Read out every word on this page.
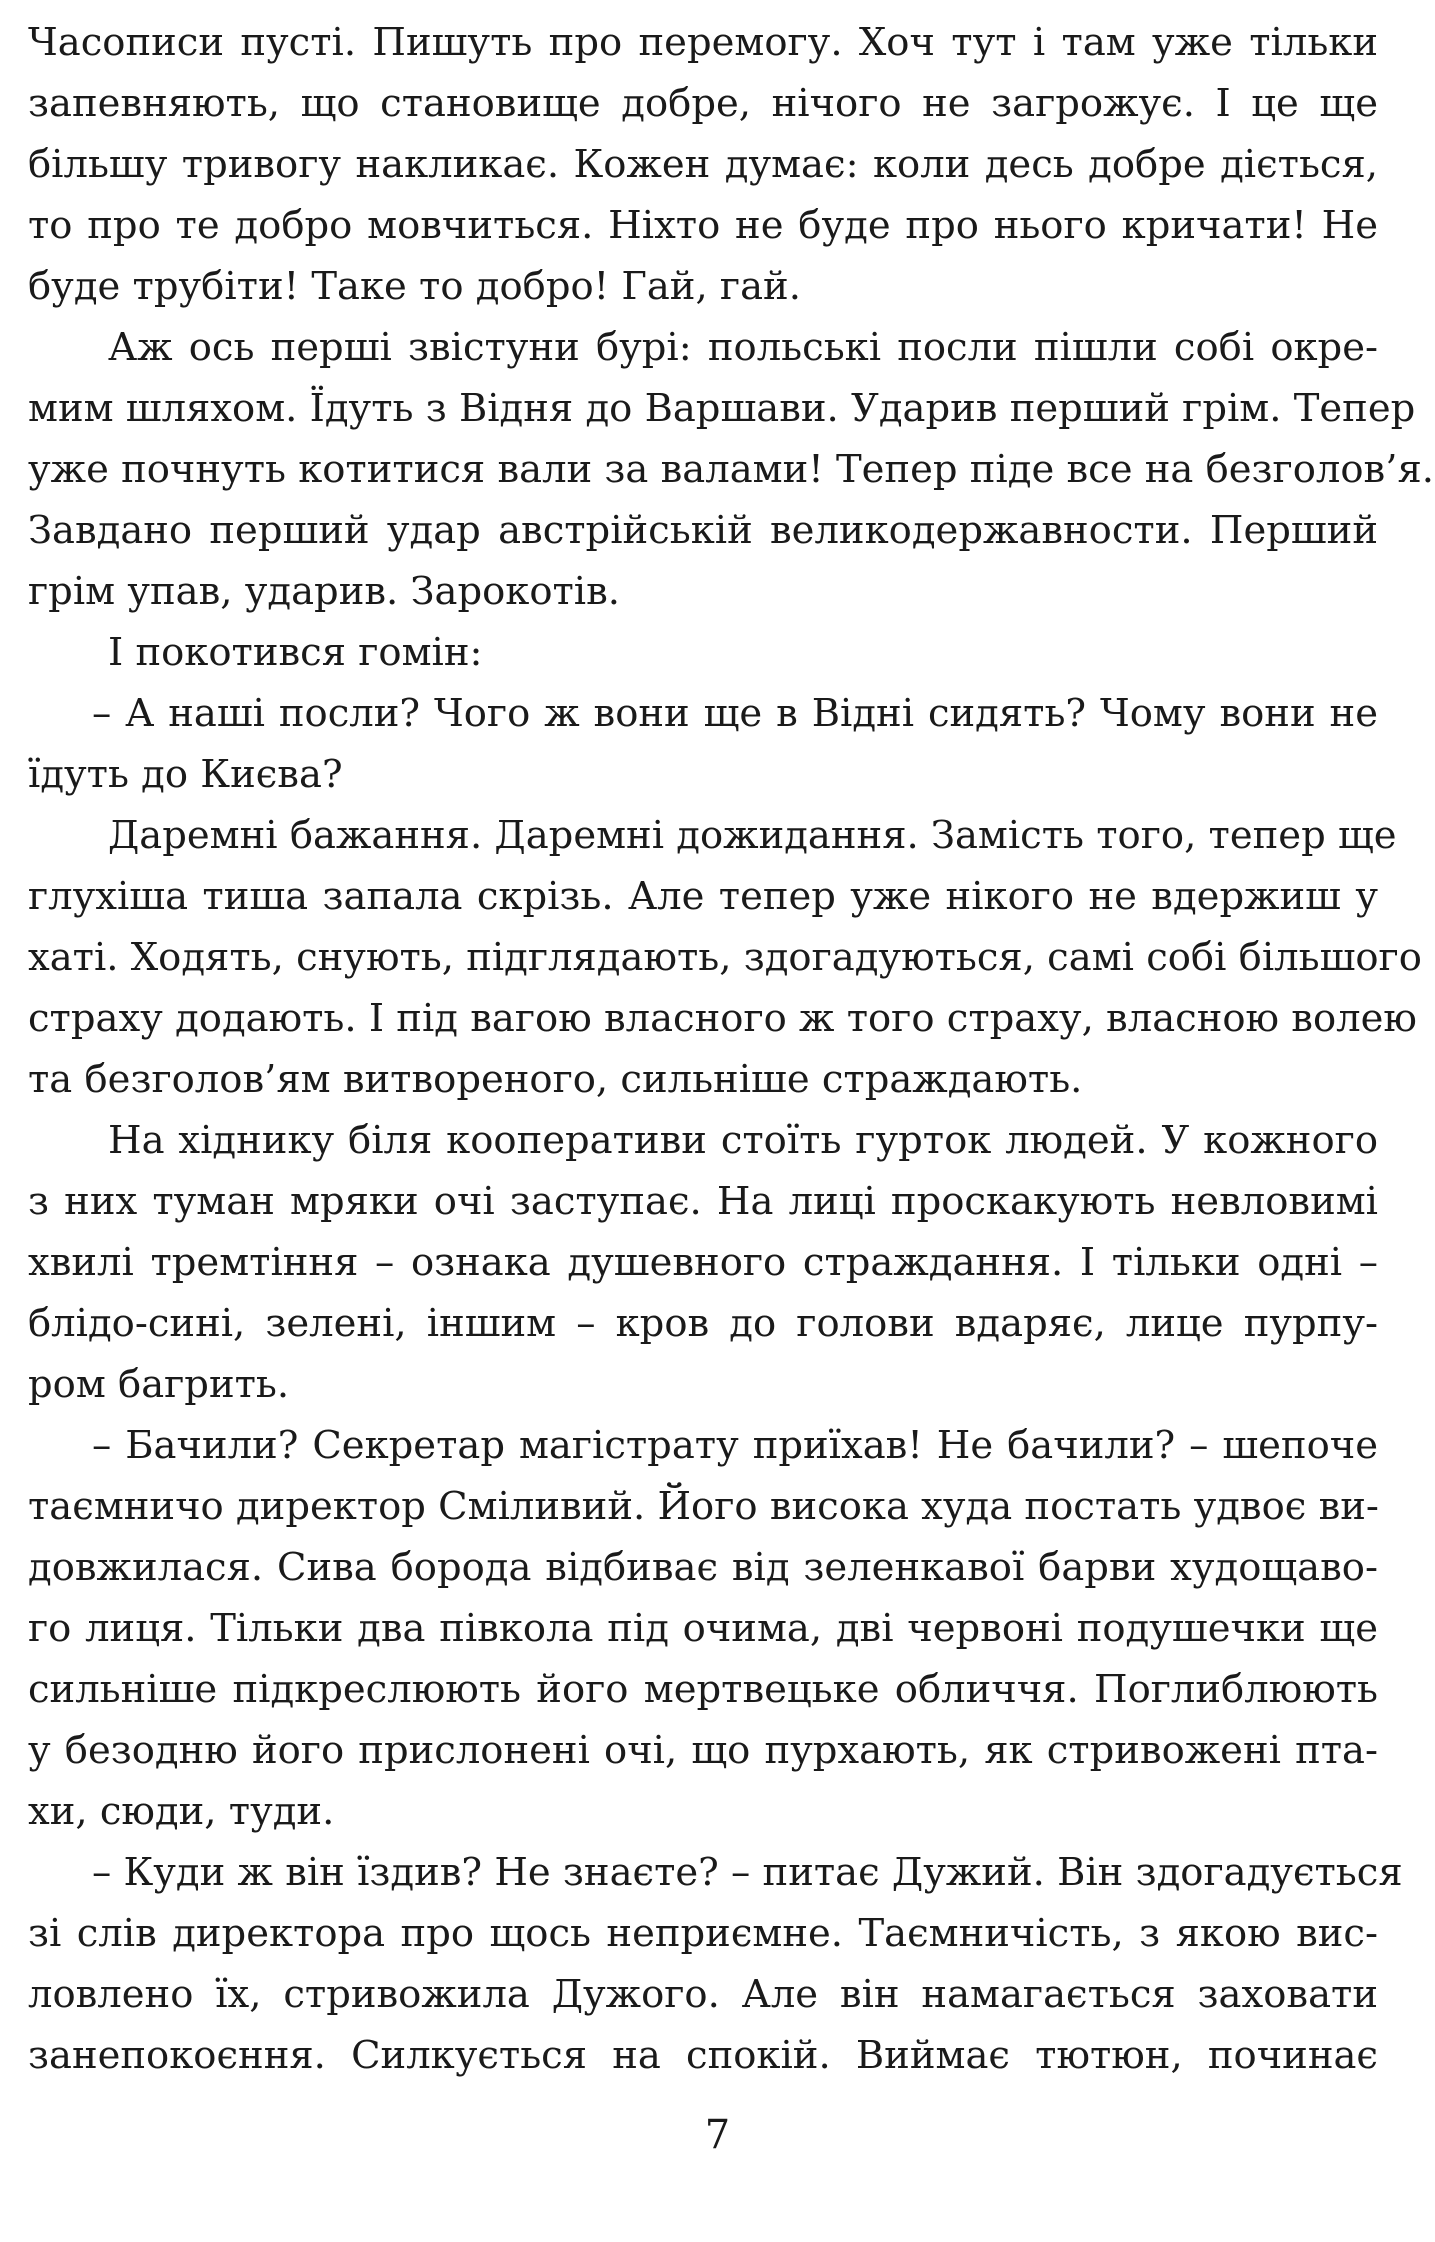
Часописи пусті. Пишуть про перемогу. Хоч тут і там уже тільки
запевняють, що становище добре, нічого не загрожує. І це ще
більшу тривогу накликає. Кожен думає: коли десь добре діється,
то про те добро мовчиться. Ніхто не буде про нього кричати! Не
буде трубіти! Таке то добро! Гай, гай.
Аж ось перші звістуни бурі: польські посли пішли собі окре-
мим шляхом. Їдуть з Відня до Варшави. Ударив перший грім. Тепер
уже почнуть котитися вали за валами! Тепер піде все на безголов’я.
Завдано перший удар австрійській великодержавности. Перший
грім упав, ударив. Зарокотів.
І покотився гомін:
– А наші посли? Чого ж вони ще в Відні сидять? Чому вони не
їдуть до Києва?
Даремні бажання. Даремні дожидання. Замість того, тепер ще
глухіша тиша запала скрізь. Але тепер уже нікого не вдержиш у
хаті. Ходять, снують, підглядають, здогадуються, самі собі більшого
страху додають. І під вагою власного ж того страху, власною волею
та безголов’ям витвореного, сильніше страждають.
На хіднику біля кооперативи стоїть гурток людей. У кожного
з них туман мряки очі заступає. На лиці проскакують невловимі
хвилі тремтіння – ознака душевного страждання. І тільки одні –
блідо-сині, зелені, іншим – кров до голови вдаряє, лице пурпу-
ром багрить.
– Бачили? Секретар магістрату приїхав! Не бачили? – шепоче
таємничо директор Сміливий. Його висока худа постать удвоє ви-
довжилася. Сива борода відбиває від зеленкавої барви худощаво-
го лиця. Тільки два півкола під очима, дві червоні подушечки ще
сильніше підкреслюють його мертвецьке обличчя. Поглиблюють
у безодню його прислонені очі, що пурхають, як стривожені пта-
хи, сюди, туди.
– Куди ж він їздив? Не знаєте? – питає Дужий. Він здогадується
зі слів директора про щось неприємне. Таємничість, з якою вис-
ловлено їх, стривожила Дужого. Але він намагається заховати
занепокоєння. Силкується на спокій. Виймає тютюн, починає
7
